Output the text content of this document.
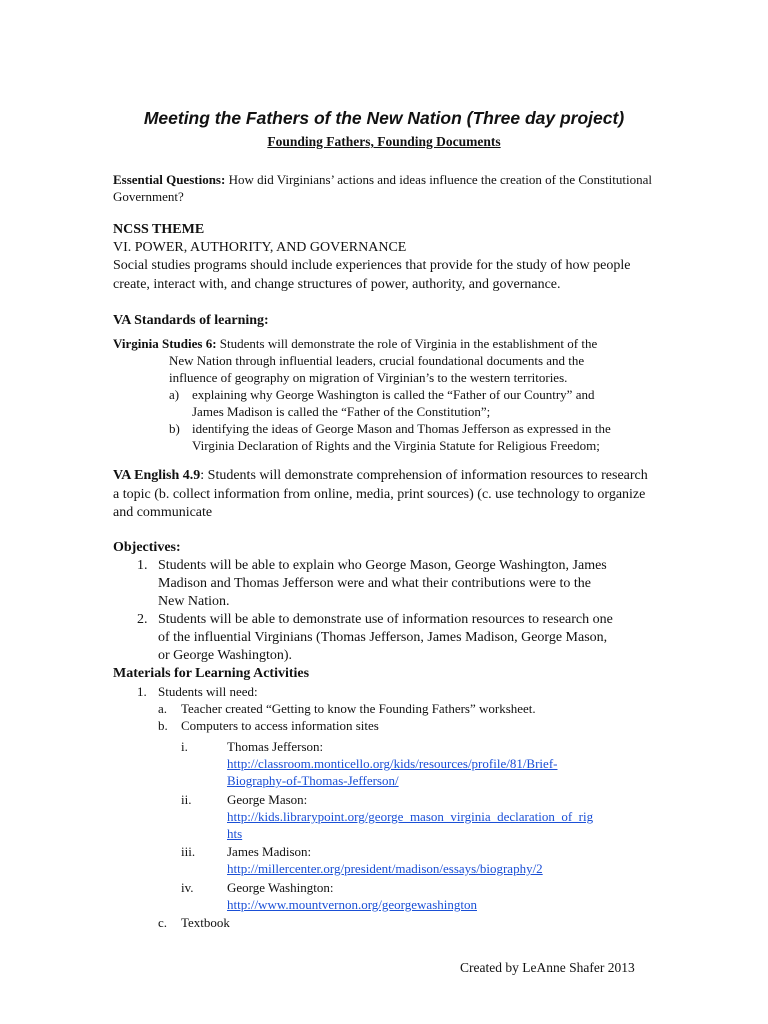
Meeting the Fathers of the New Nation (Three day project)
Founding Fathers, Founding Documents
Essential Questions: How did Virginians’ actions and ideas influence the creation of the Constitutional Government?
NCSS THEME
VI. POWER, AUTHORITY, AND GOVERNANCE
Social studies programs should include experiences that provide for the study of how people create, interact with, and change structures of power, authority, and governance.
VA Standards of learning:
Virginia Studies 6: Students will demonstrate the role of Virginia in the establishment of the
New Nation through influential leaders, crucial foundational documents and the
influence of geography on migration of Virginian’s to the western territories.
a) explaining why George Washington is called the “Father of our Country” and
James Madison is called the “Father of the Constitution”;
b) identifying the ideas of George Mason and Thomas Jefferson as expressed in the
Virginia Declaration of Rights and the Virginia Statute for Religious Freedom;
VA English 4.9: Students will demonstrate comprehension of information resources to research a topic (b. collect information from online, media, print sources) (c. use technology to organize and communicate
Objectives:
1. Students will be able to explain who George Mason, George Washington, James
Madison and Thomas Jefferson were and what their contributions were to the
New Nation.
2. Students will be able to demonstrate use of information resources to research one
of the influential Virginians (Thomas Jefferson, James Madison, George Mason,
or George Washington).
Materials for Learning Activities
1. Students will need:
a. Teacher created “Getting to know the Founding Fathers” worksheet.
b. Computers to access information sites
i.	Thomas Jefferson:
http://classroom.monticello.org/kids/resources/profile/81/Brief-
Biography-of-Thomas-Jefferson/
ii.	George Mason:
http://kids.librarypoint.org/george_mason_virginia_declaration_of_rig
hts
iii. James Madison:
http://millercenter.org/president/madison/essays/biography/2
iv.	George Washington:
http://www.mountvernon.org/georgewashington
c. Textbook
Created by LeAnne Shafer 2013
